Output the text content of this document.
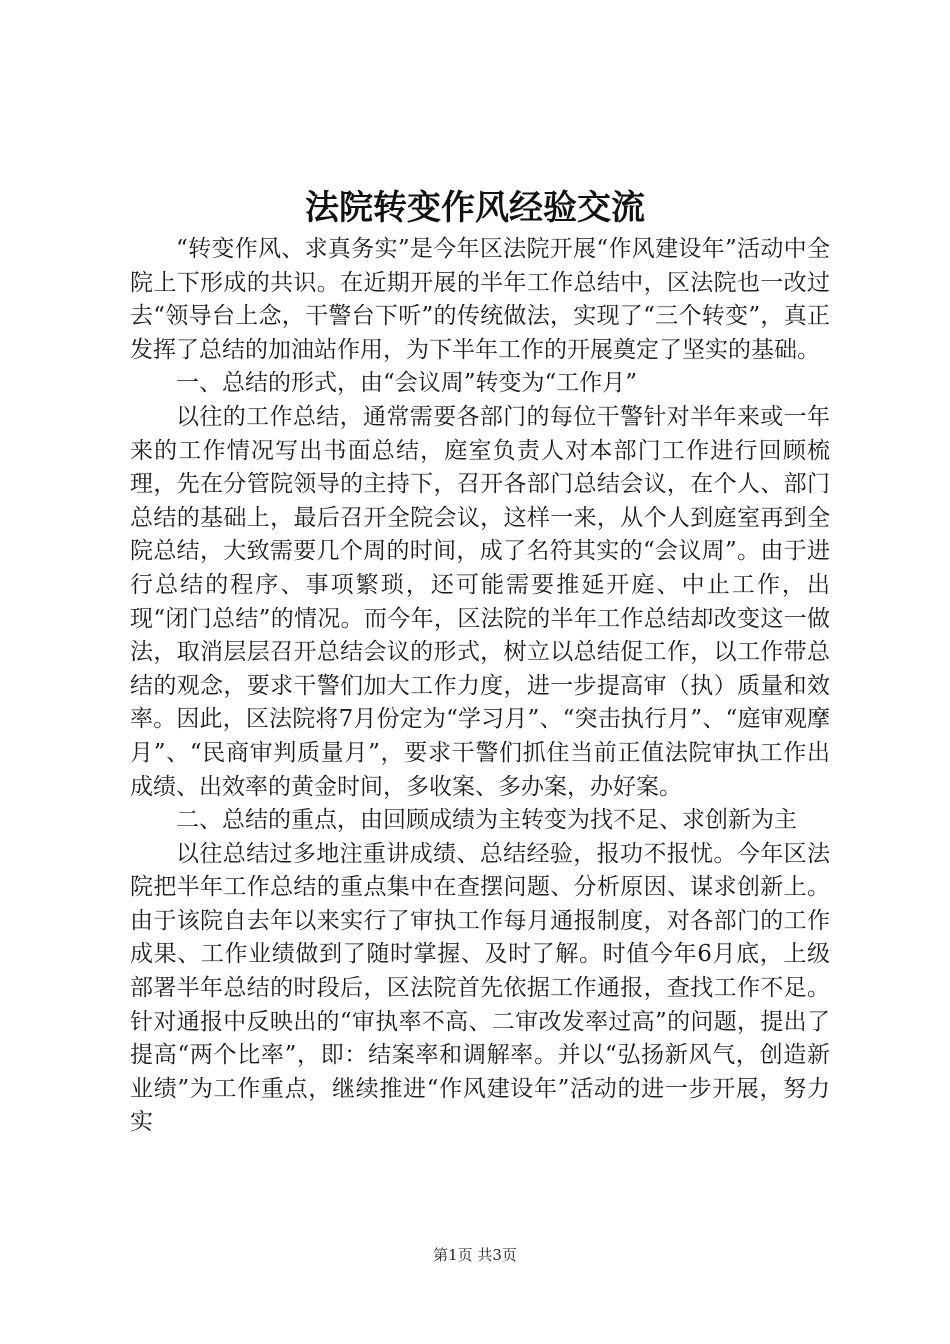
法院转变作风经验交流

“转变作风、求真务实”是今年区法院开展“作风建设年”活动中全院上下形成的共识。在近期开展的半年工作总结中，区法院也一改过去“领导台上念，干警台下听”的传统做法，实现了“三个转变”，真正发挥了总结的加油站作用，为下半年工作的开展奠定了坚实的基础。

一、总结的形式，由“会议周”转变为“工作月”

以往的工作总结，通常需要各部门的每位干警针对半年来或一年来的工作情况写出书面总结，庭室负责人对本部门工作进行回顾梳理，先在分管院领导的主持下，召开各部门总结会议，在个人、部门总结的基础上，最后召开全院会议，这样一来，从个人到庭室再到全院总结，大致需要几个周的时间，成了名符其实的“会议周”。由于进行总结的程序、事项繁琐，还可能需要推延开庭、中止工作，出现“闭门总结”的情况。而今年，区法院的半年工作总结却改变这一做法，取消层层召开总结会议的形式，树立以总结促工作，以工作带总结的观念，要求干警们加大工作力度，进一步提高审（执）质量和效率。因此，区法院将7月份定为“学习月”、“突击执行月”、“庭审观摩月”、“民商审判质量月”，要求干警们抓住当前正值法院审执工作出成绩、出效率的黄金时间，多收案、多办案，办好案。

二、总结的重点，由回顾成绩为主转变为找不足、求创新为主

以往总结过多地注重讲成绩、总结经验，报功不报忧。今年区法院把半年工作总结的重点集中在查摆问题、分析原因、谋求创新上。由于该院自去年以来实行了审执工作每月通报制度，对各部门的工作成果、工作业绩做到了随时掌握、及时了解。时值今年6月底，上级部署半年总结的时段后，区法院首先依据工作通报，查找工作不足。针对通报中反映出的“审执率不高、二审改发率过高”的问题，提出了提高“两个比率”，即：结案率和调解率。并以“弘扬新风气，创造新业绩”为工作重点，继续推进“作风建设年”活动的进一步开展，努力实

第1页 共3页
